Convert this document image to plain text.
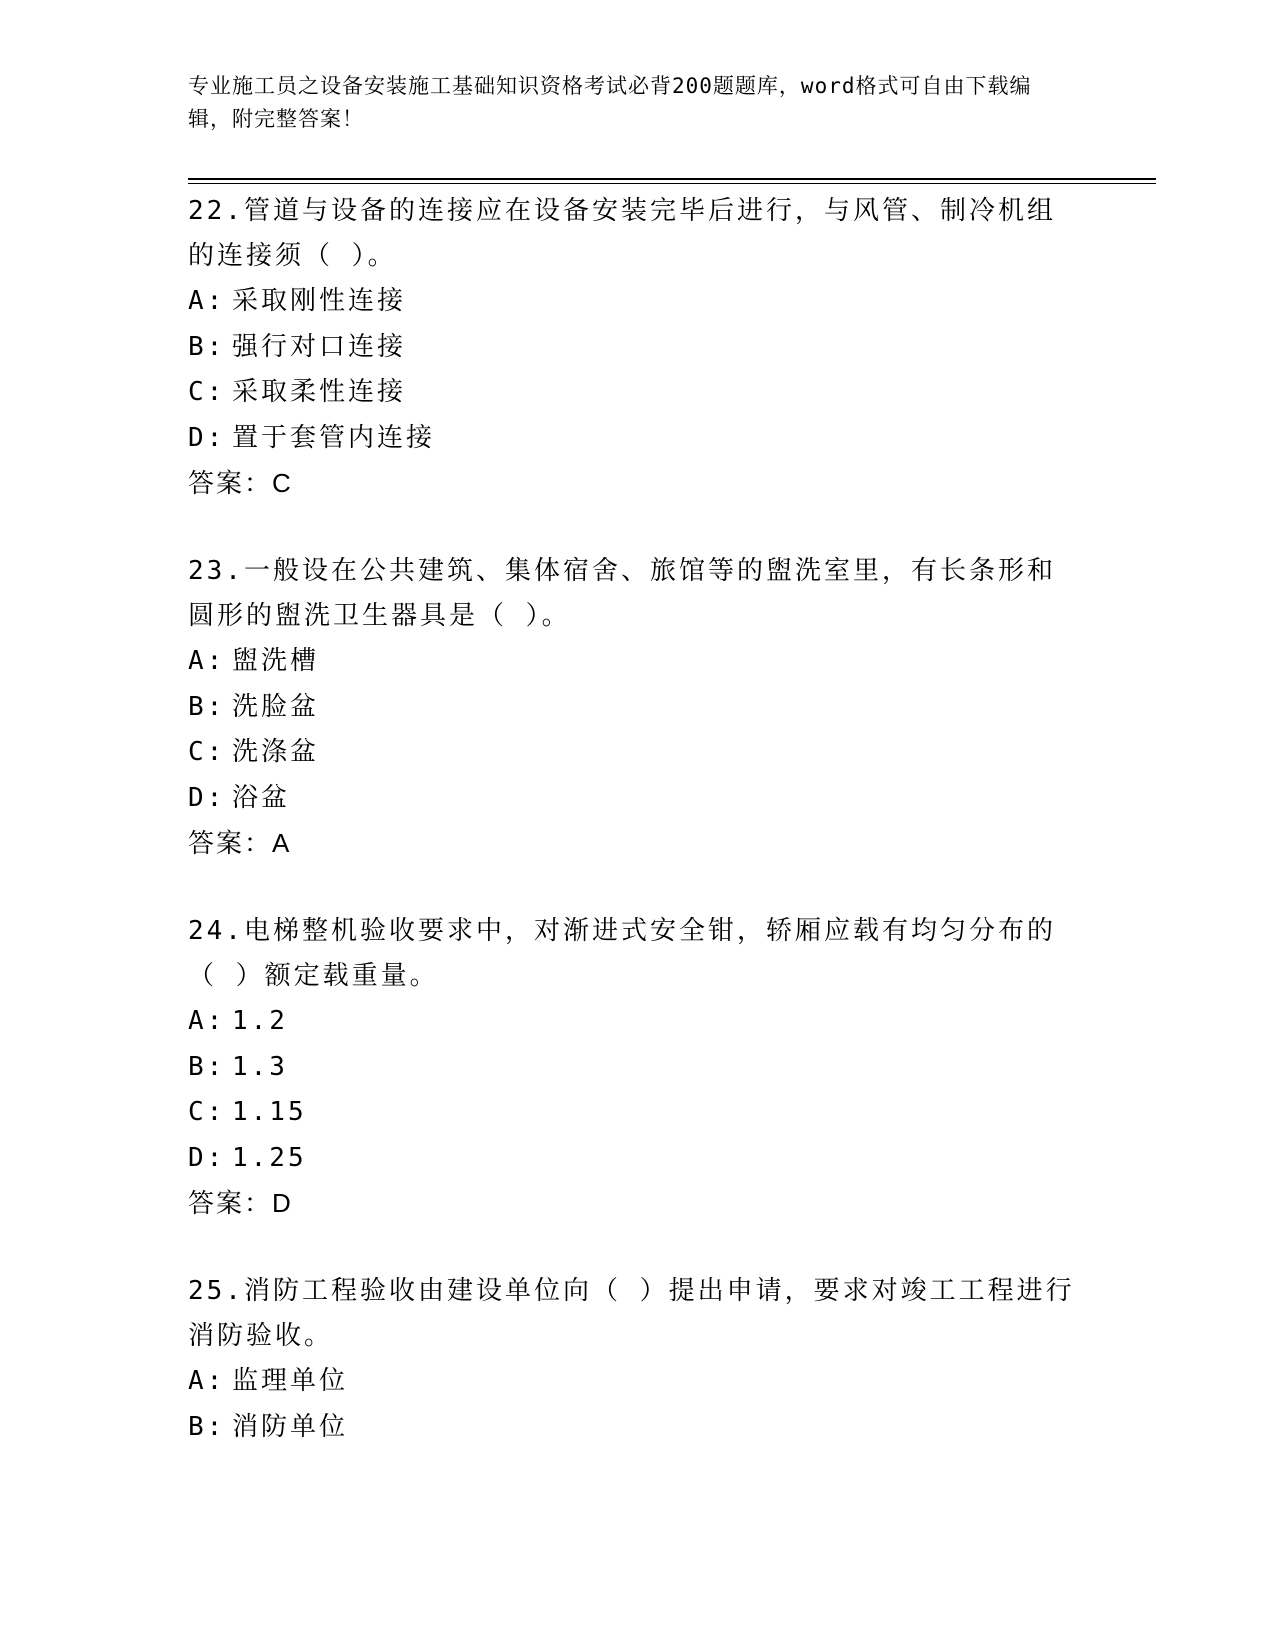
专业施工员之设备安装施工基础知识资格考试必背200题题库，word格式可自由下载编辑，附完整答案！
22.管道与设备的连接应在设备安装完毕后进行，与风管、制冷机组的连接须（ ）。
A: 采取刚性连接
B: 强行对口连接
C: 采取柔性连接
D: 置于套管内连接
答案：C
23.一般设在公共建筑、集体宿舍、旅馆等的盥洗室里，有长条形和圆形的盥洗卫生器具是（ ）。
A: 盥洗槽
B: 洗脸盆
C: 洗涤盆
D: 浴盆
答案：A
24.电梯整机验收要求中，对渐进式安全钳，轿厢应载有均匀分布的（ ）额定载重量。
A: 1.2
B: 1.3
C: 1.15
D: 1.25
答案：D
25.消防工程验收由建设单位向（ ）提出申请，要求对竣工工程进行消防验收。
A: 监理单位
B: 消防单位
